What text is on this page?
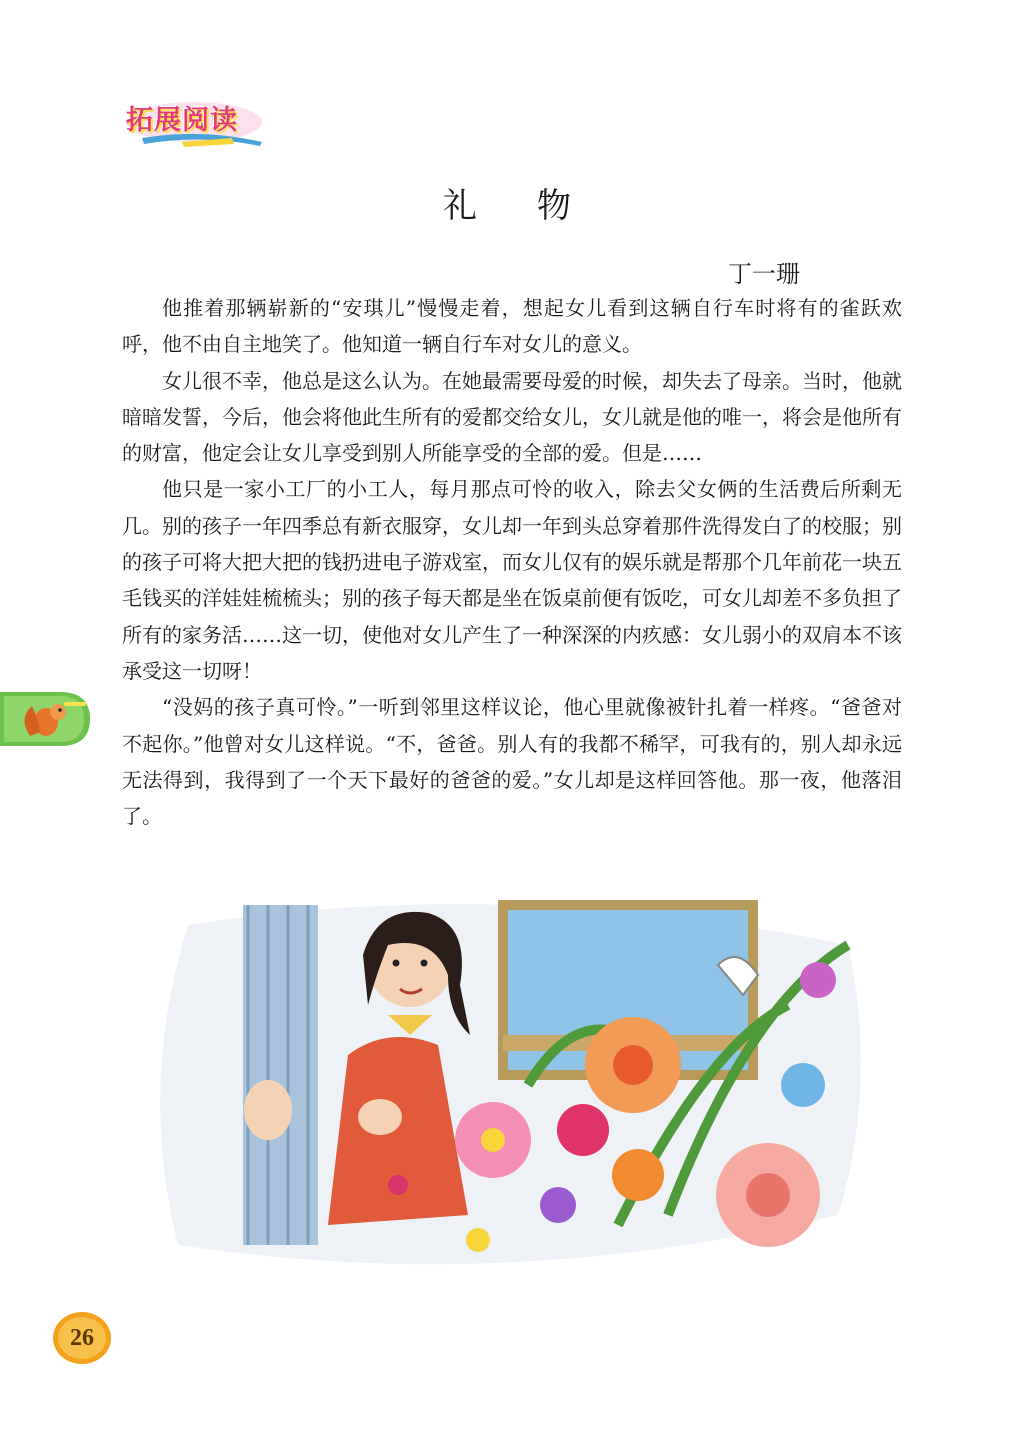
拓展阅读
礼物
丁一珊

他推着那辆崭新的“安琪儿”慢慢走着，想起女儿看到这辆自行车时将有的雀跃欢呼，他不由自主地笑了。他知道一辆自行车对女儿的意义。

女儿很不幸，他总是这么认为。在她最需要母爱的时候，却失去了母亲。当时，他就暗暗发誓，今后，他会将他此生所有的爱都交给女儿，女儿就是他的唯一，将会是他所有的财富，他定会让女儿享受到别人所能享受的全部的爱。但是……

他只是一家小工厂的小工人，每月那点可怜的收入，除去父女俩的生活费后所剩无几。别的孩子一年四季总有新衣服穿，女儿却一年到头总穿着那件洗得发白了的校服；别的孩子可将大把大把的钱扔进电子游戏室，而女儿仅有的娱乐就是帮那个几年前花一块五毛钱买的洋娃娃梳梳头；别的孩子每天都是坐在饭桌前便有饭吃，可女儿却差不多负担了所有的家务活……这一切，使他对女儿产生了一种深深的内疚感：女儿弱小的双肩本不该承受这一切呀！

“没妈的孩子真可怜。”一听到邻里这样议论，他心里就像被针扎着一样疼。“爸爸对不起你。”他曾对女儿这样说。“不，爸爸。别人有的我都不稀罕，可我有的，别人却永远无法得到，我得到了一个天下最好的爸爸的爱。”女儿却是这样回答他。那一夜，他落泪了。

26
